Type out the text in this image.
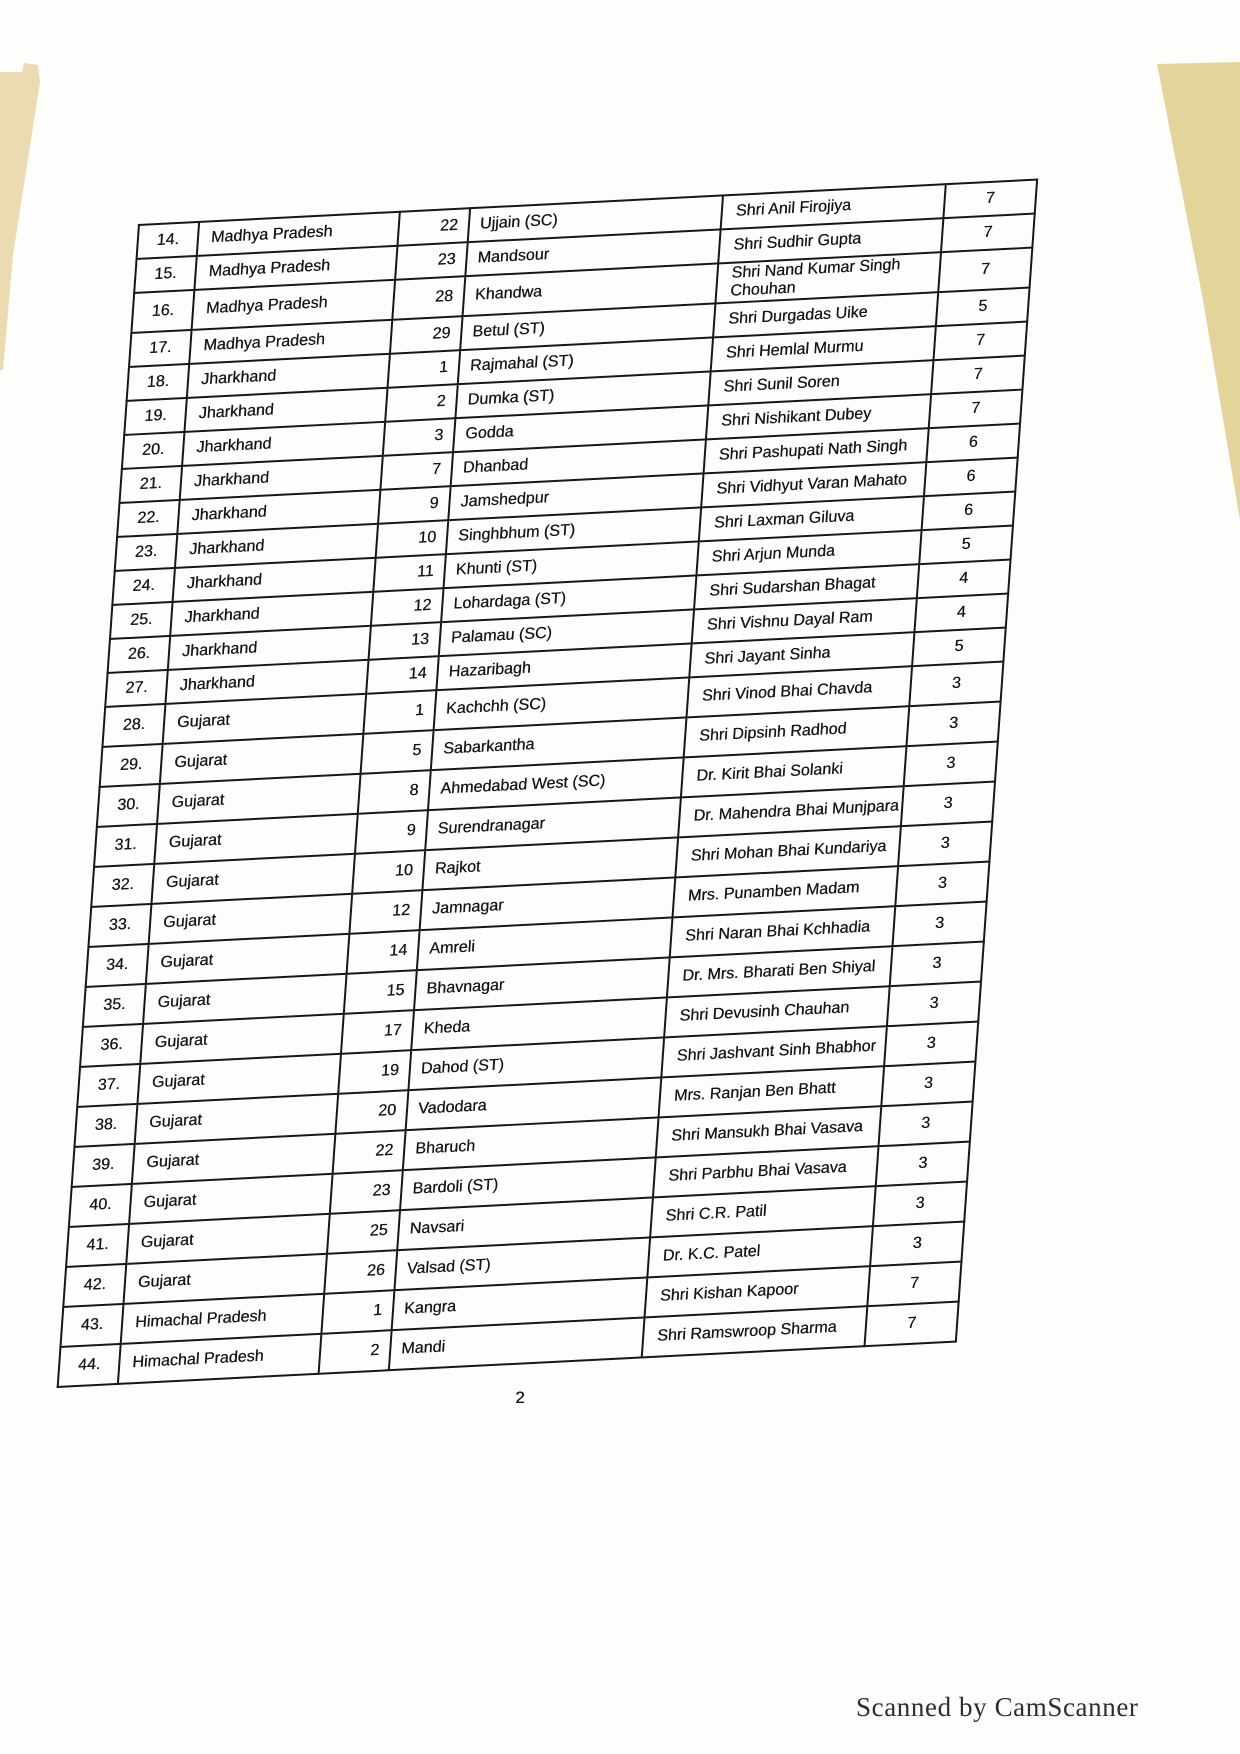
14.	Madhya Pradesh	22	Ujjain (SC)	Shri Anil Firojiya	7
15.	Madhya Pradesh	23	Mandsour	Shri Sudhir Gupta	7
16.	Madhya Pradesh	28	Khandwa	Shri Nand Kumar Singh Chouhan	7
17.	Madhya Pradesh	29	Betul (ST)	Shri Durgadas Uike	5
18.	Jharkhand	1	Rajmahal (ST)	Shri Hemlal Murmu	7
19.	Jharkhand	2	Dumka (ST)	Shri Sunil Soren	7
20.	Jharkhand	3	Godda	Shri Nishikant Dubey	7
21.	Jharkhand	7	Dhanbad	Shri Pashupati Nath Singh	6
22.	Jharkhand	9	Jamshedpur	Shri Vidhyut Varan Mahato	6
23.	Jharkhand	10	Singhbhum (ST)	Shri Laxman Giluva	6
24.	Jharkhand	11	Khunti (ST)	Shri Arjun Munda	5
25.	Jharkhand	12	Lohardaga (ST)	Shri Sudarshan Bhagat	4
26.	Jharkhand	13	Palamau (SC)	Shri Vishnu Dayal Ram	4
27.	Jharkhand	14	Hazaribagh	Shri Jayant Sinha	5
28.	Gujarat	1	Kachchh (SC)	Shri Vinod Bhai Chavda	3
29.	Gujarat	5	Sabarkantha	Shri Dipsinh Radhod	3
30.	Gujarat	8	Ahmedabad West (SC)	Dr. Kirit Bhai Solanki	3
31.	Gujarat	9	Surendranagar	Dr. Mahendra Bhai Munjpara	3
32.	Gujarat	10	Rajkot	Shri Mohan Bhai Kundariya	3
33.	Gujarat	12	Jamnagar	Mrs. Punamben Madam	3
34.	Gujarat	14	Amreli	Shri Naran Bhai Kchhadia	3
35.	Gujarat	15	Bhavnagar	Dr. Mrs. Bharati Ben Shiyal	3
36.	Gujarat	17	Kheda	Shri Devusinh Chauhan	3
37.	Gujarat	19	Dahod (ST)	Shri Jashvant Sinh Bhabhor	3
38.	Gujarat	20	Vadodara	Mrs. Ranjan Ben Bhatt	3
39.	Gujarat	22	Bharuch	Shri Mansukh Bhai Vasava	3
40.	Gujarat	23	Bardoli (ST)	Shri Parbhu Bhai Vasava	3
41.	Gujarat	25	Navsari	Shri C.R. Patil	3
42.	Gujarat	26	Valsad (ST)	Dr. K.C. Patel	3
43.	Himachal Pradesh	1	Kangra	Shri Kishan Kapoor	7
44.	Himachal Pradesh	2	Mandi	Shri Ramswroop Sharma	7
2
Scanned by CamScanner
